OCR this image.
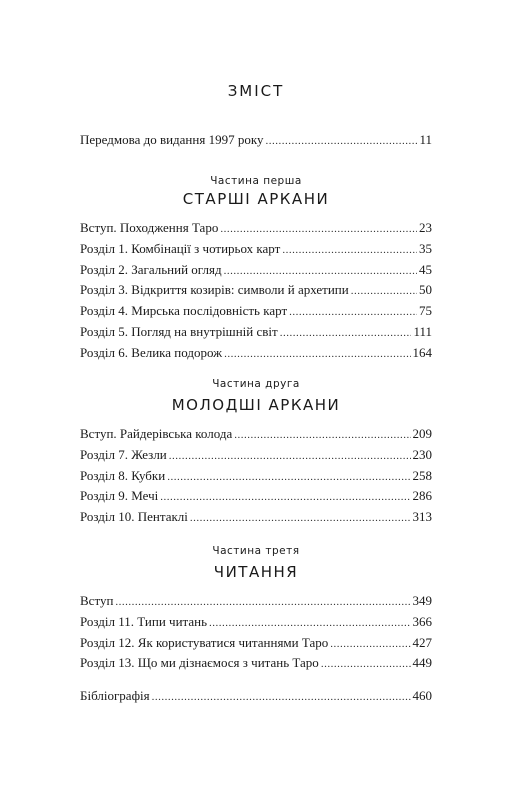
ЗМІСТ
Передмова до видання 1997 року .....	11
Частина перша
СТАРШІ АРКАНИ
Вступ. Походження Таро .....	23
Розділ 1. Комбінації з чотирьох карт .....	35
Розділ 2. Загальний огляд .....	45
Розділ 3. Відкриття козирів: символи й архетипи .....	50
Розділ 4. Мирська послідовність карт .....	75
Розділ 5. Погляд на внутрішній світ .....	111
Розділ 6. Велика подорож .....	164
Частина друга
МОЛОДШІ АРКАНИ
Вступ. Райдерівська колода .....	209
Розділ 7. Жезли .....	230
Розділ 8. Кубки .....	258
Розділ 9. Мечі .....	286
Розділ 10. Пентаклі .....	313
Частина третя
ЧИТАННЯ
Вступ .....	349
Розділ 11. Типи читань .....	366
Розділ 12. Як користуватися читаннями Таро .....	427
Розділ 13. Що ми дізнаємося з читань Таро .....	449
Бібліографія .....	460
